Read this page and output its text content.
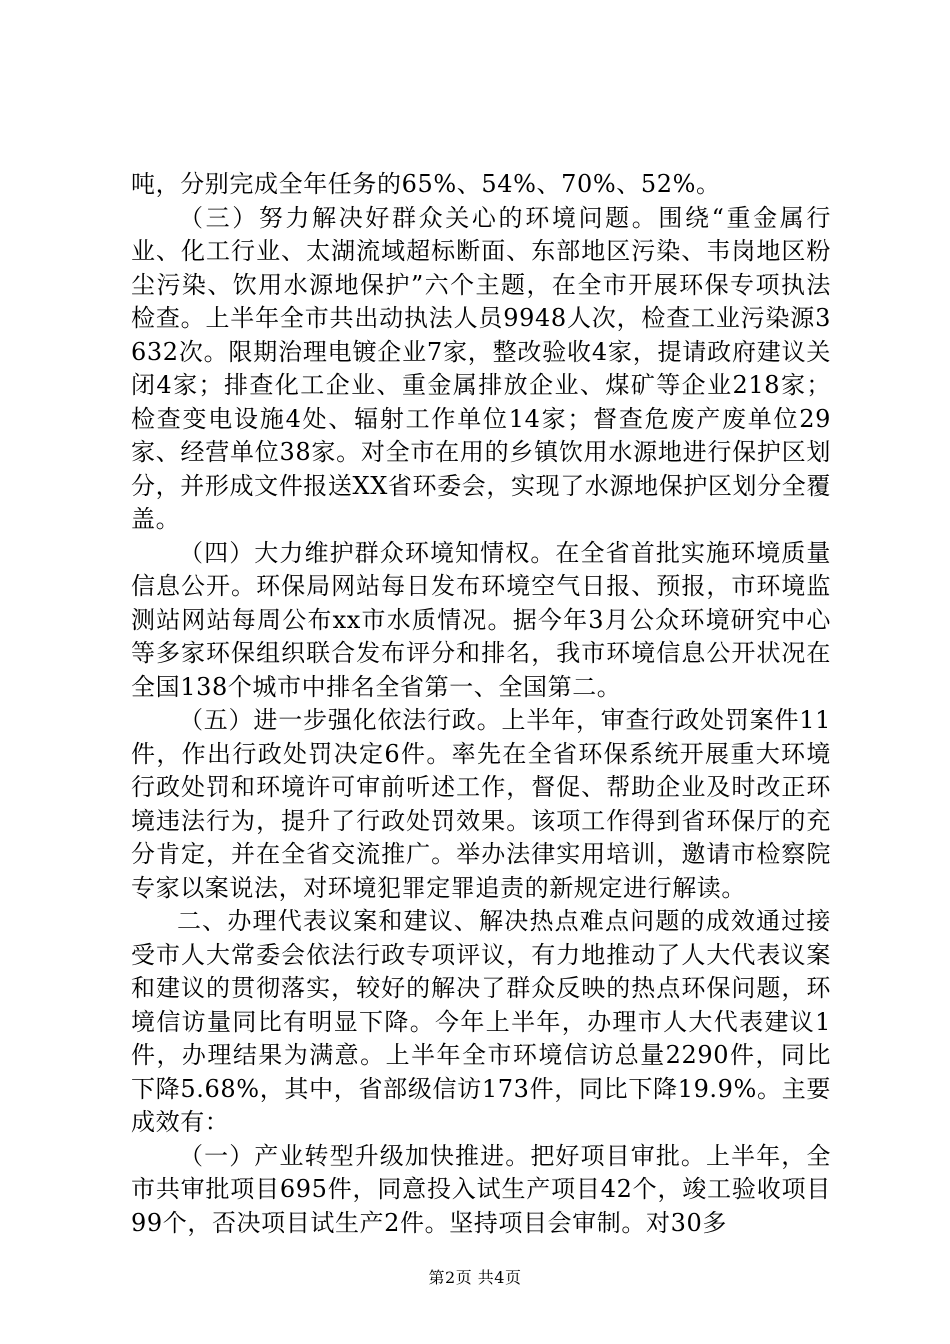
吨，分别完成全年任务的65%、54%、70%、52%。

（三）努力解决好群众关心的环境问题。围绕“重金属行业、化工行业、太湖流域超标断面、东部地区污染、韦岗地区粉尘污染、饮用水源地保护”六个主题，在全市开展环保专项执法检查。上半年全市共出动执法人员9948人次，检查工业污染源3632次。限期治理电镀企业7家，整改验收4家，提请政府建议关闭4家；排查化工企业、重金属排放企业、煤矿等企业218家；检查变电设施4处、辐射工作单位14家；督查危废产废单位29家、经营单位38家。对全市在用的乡镇饮用水源地进行保护区划分，并形成文件报送XX省环委会，实现了水源地保护区划分全覆盖。

（四）大力维护群众环境知情权。在全省首批实施环境质量信息公开。环保局网站每日发布环境空气日报、预报，市环境监测站网站每周公布xx市水质情况。据今年3月公众环境研究中心等多家环保组织联合发布评分和排名，我市环境信息公开状况在全国138个城市中排名全省第一、全国第二。

（五）进一步强化依法行政。上半年，审查行政处罚案件11件，作出行政处罚决定6件。率先在全省环保系统开展重大环境行政处罚和环境许可审前听述工作，督促、帮助企业及时改正环境违法行为，提升了行政处罚效果。该项工作得到省环保厅的充分肯定，并在全省交流推广。举办法律实用培训，邀请市检察院专家以案说法，对环境犯罪定罪追责的新规定进行解读。

二、办理代表议案和建议、解决热点难点问题的成效通过接受市人大常委会依法行政专项评议，有力地推动了人大代表议案和建议的贯彻落实，较好的解决了群众反映的热点环保问题，环境信访量同比有明显下降。今年上半年，办理市人大代表建议1件，办理结果为满意。上半年全市环境信访总量2290件，同比下降5.68%，其中，省部级信访173件，同比下降19.9%。主要成效有：

（一）产业转型升级加快推进。把好项目审批。上半年，全市共审批项目695件，同意投入试生产项目42个，竣工验收项目99个，否决项目试生产2件。坚持项目会审制。对30多

第2页 共4页
